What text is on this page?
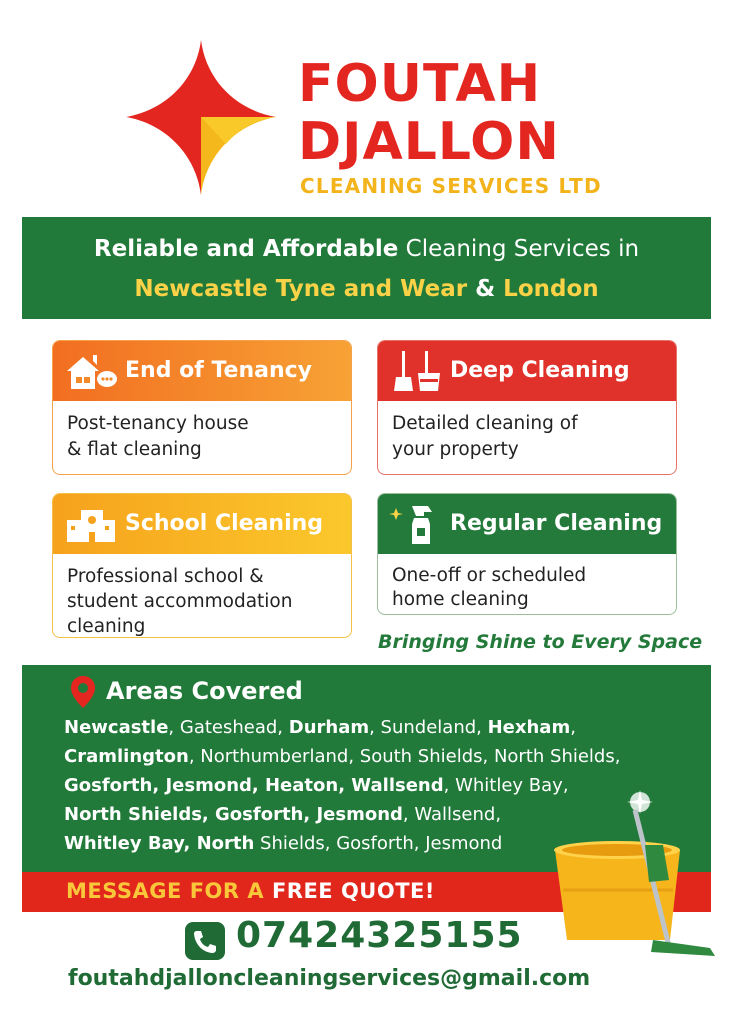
FOUTAH
DJALLON
CLEANING SERVICES LTD
Reliable and Affordable Cleaning Services in
Newcastle Tyne and Wear & London
End of Tenancy
Post-tenancy house
& flat cleaning
Deep Cleaning
Detailed cleaning of
your property
School Cleaning
Professional school &
student accommodation
cleaning
Regular Cleaning
One-off or scheduled
home cleaning
Bringing Shine to Every Space
Areas Covered
Newcastle, Gateshead, Durham, Sundeland, Hexham,
Cramlington, Northumberland, South Shields, North Shields,
Gosforth, Jesmond, Heaton, Wallsend, Whitley Bay,
North Shields, Gosforth, Jesmond, Wallsend,
Whitley Bay, North Shields, Gosforth, Jesmond
MESSAGE FOR A FREE QUOTE!
07424325155
foutahdjalloncleaningservices@gmail.com
